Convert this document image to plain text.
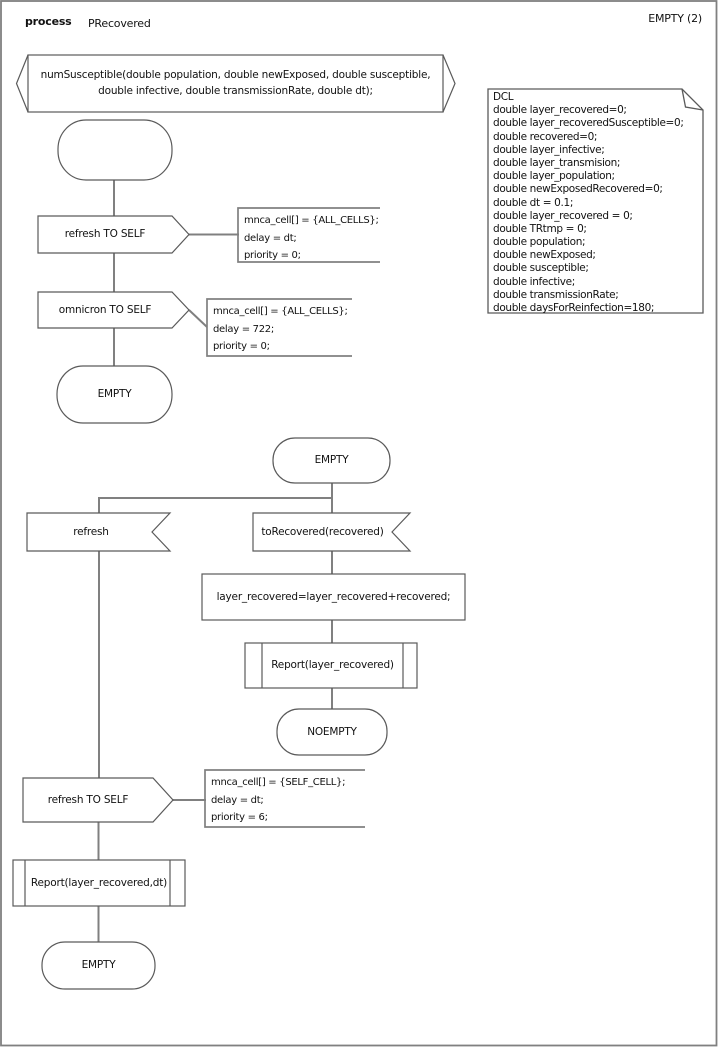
process PRecovered	EMPTY (2)
numSusceptible(double population, double newExposed, double susceptible,
double infective, double transmissionRate, double dt);	DCL
double layer_recovered=0;
double layer_recoveredSusceptible=0;
double recovered=0;
double layer_infective;
double layer_transmision;
double layer_population;
double newExposedRecovered=0;
double dt = 0.1;
double layer_recovered = 0;
double TRtmp = 0;
double population;
double newExposed;
double susceptible;
double infective;
double transmissionRate;
double daysForReinfection=180;
refresh TO SELF
mnca_cell[] = {ALL_CELLS};
delay = dt;
priority = 0;
omnicron TO SELF	mnca_cell[] = {ALL_CELLS};
delay = 722;
priority = 0;
EMPTY
EMPTY
refresh	toRecovered(recovered)
layer_recovered=layer_recovered+recovered;
Report(layer_recovered)
NOEMPTY
refresh TO SELF
mnca_cell[] = {SELF_CELL};
delay = dt;
priority = 6;
Report(layer_recovered,dt)
EMPTY
